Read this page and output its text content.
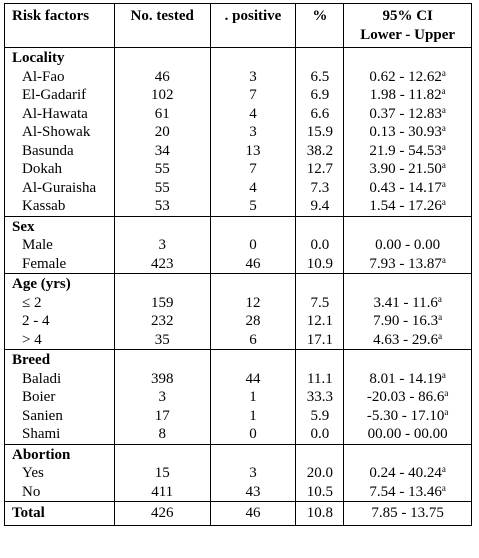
Risk factors	No. tested	. positive	%	95% CI
Lower - Upper

Locality				
Al-Fao	46	3	6.5	0.62 - 12.62$^a$
El-Gadarif	102	7	6.9	1.98 - 11.82$^a$
Al-Hawata	61	4	6.6	0.37 - 12.83$^a$
Al-Showak	20	3	15.9	0.13 - 30.93$^a$
Basunda	34	13	38.2	21.9 - 54.53$^a$
Dokah	55	7	12.7	3.90 - 21.50$^a$
Al-Guraisha	55	4	7.3	0.43 - 14.17$^a$
Kassab	53	5	9.4	1.54 - 17.26$^a$
Sex				
Male	3	0	0.0	0.00 - 0.00
Female	423	46	10.9	7.93 - 13.87$^a$
Age (yrs)				
≤ 2	159	12	7.5	3.41 - 11.6$^a$
2 - 4	232	28	12.1	7.90 - 16.3$^a$
> 4	35	6	17.1	4.63 - 29.6$^a$
Breed				
Baladi	398	44	11.1	8.01 - 14.19$^a$
Boier	3	1	33.3	-20.03 - 86.6$^a$
Sanien	17	1	5.9	-5.30 - 17.10$^a$
Shami	8	0	0.0	00.00 - 00.00
Abortion				
Yes	15	3	20.0	0.24 - 40.24$^a$
No	411	43	10.5	7.54 - 13.46$^a$
Total	426	46	10.8	7.85 - 13.75
